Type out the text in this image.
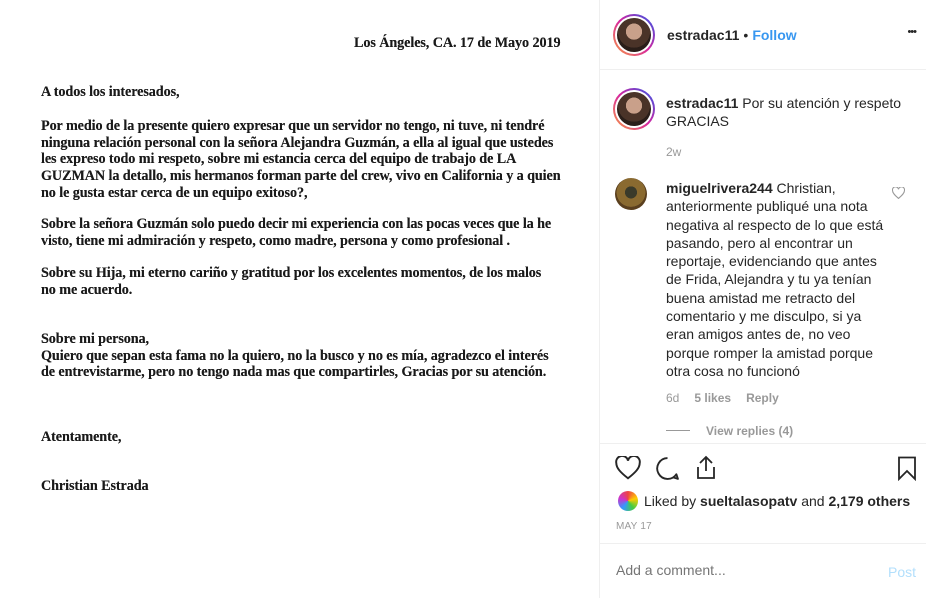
Los Ángeles, CA. 17 de Mayo 2019
A todos los interesados,
Por medio de la presente quiero expresar que un servidor no tengo, ni tuve, ni tendré
ninguna relación personal con la señora Alejandra Guzmán, a ella al igual que ustedes
les expreso todo mi respeto, sobre mi estancia cerca del equipo de trabajo de LA
GUZMAN la detallo, mis hermanos forman parte del crew, vivo en California y a quien
no le gusta estar cerca de un equipo exitoso?,
Sobre la señora Guzmán solo puedo decir mi experiencia con las pocas veces que la he
visto, tiene mi admiración y respeto, como madre, persona y como profesional .
Sobre su Hija, mi eterno cariño y gratitud por los excelentes momentos, de los malos
no me acuerdo.
Sobre mi persona,
Quiero que sepan esta fama no la quiero, no la busco y no es mía, agradezco el interés
de entrevistarme, pero no tengo nada mas que compartirles, Gracias por su atención.
Atentamente,
Christian Estrada
estradac11 • Follow	•••
estradac11 Por su atención y respeto GRACIAS
2w
miguelrivera244 Christian, anteriormente publiqué una nota negativa al respecto de lo que está pasando, pero al encontrar un reportaje, evidenciando que antes de Frida, Alejandra y tu ya tenían buena amistad me retracto del comentario y me disculpo, si ya eran amigos antes de, no veo porque romper la amistad porque otra cosa no funcionó
6d 5 likes Reply
View replies (4)
Liked by sueltalasopatv and 2,179 others
MAY 17
Add a comment...
Post
